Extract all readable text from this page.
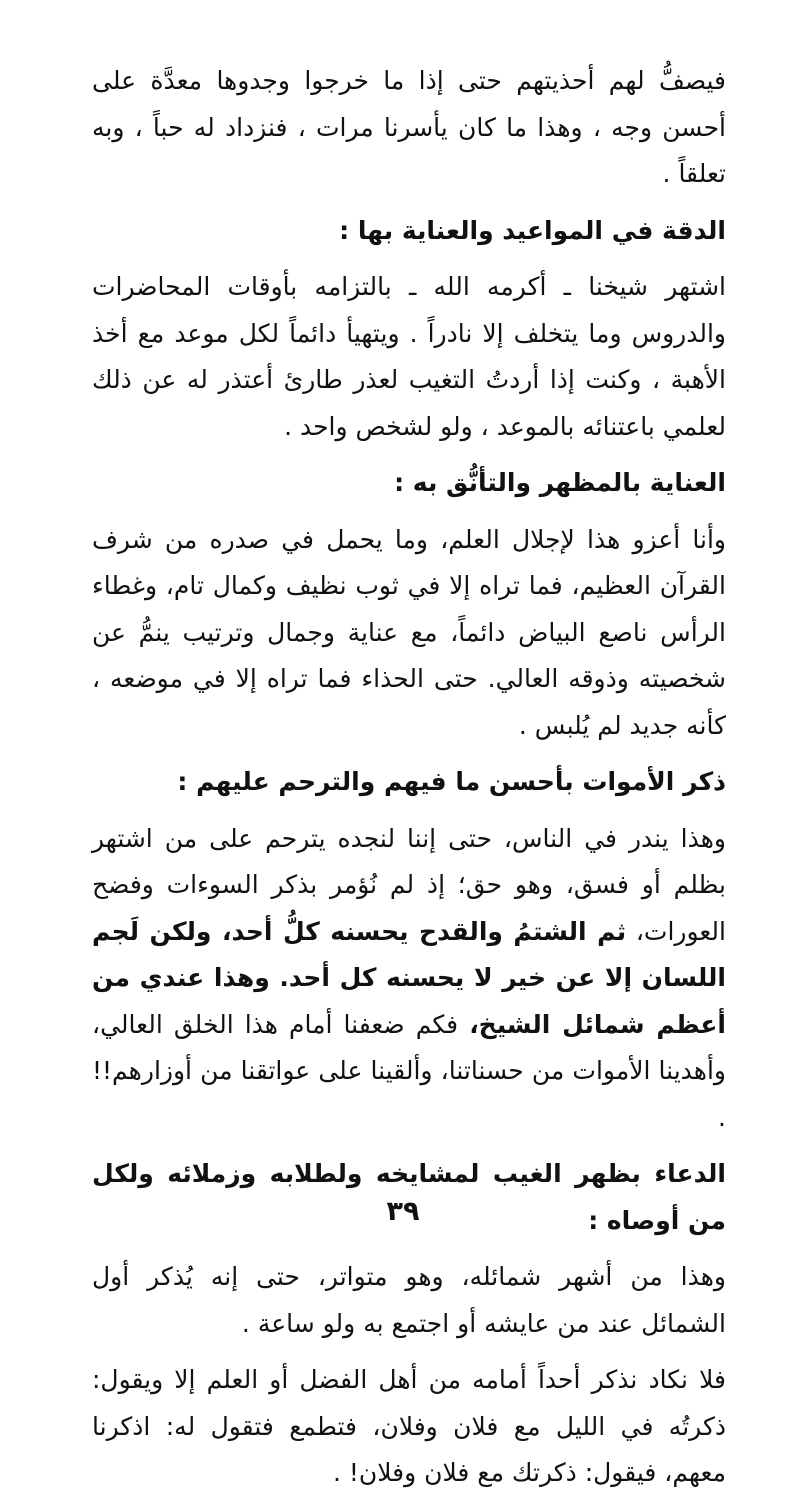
فيصفُّ لهم أحذيتهم حتى إذا ما خرجوا وجدوها معدَّة على أحسن وجه ، وهذا ما كان يأسرنا مرات ، فنزداد له حباً ، وبه تعلقاً .

الدقة في المواعيد والعناية بها :

اشتهر شيخنا ـ أكرمه الله ـ بالتزامه بأوقات المحاضرات والدروس وما يتخلف إلا نادراً . ويتهيأ دائماً لكل موعد مع أخذ الأهبة ، وكنت إذا أردتُ التغيب لعذر طارئ أعتذر له عن ذلك لعلمي باعتنائه بالموعد ، ولو لشخص واحد .

العناية بالمظهر والتأنُّق به :

وأنا أعزو هذا لإجلال العلم، وما يحمل في صدره من شرف القرآن العظيم، فما تراه إلا في ثوب نظيف وكمال تام، وغطاء الرأس ناصع البياض دائماً، مع عناية وجمال وترتيب ينمُّ عن شخصيته وذوقه العالي. حتى الحذاء فما تراه إلا في موضعه ، كأنه جديد لم يُلبس .

ذكر الأموات بأحسن ما فيهم والترحم عليهم :

وهذا يندر في الناس، حتى إننا لنجده يترحم على من اشتهر بظلم أو فسق، وهو حق؛ إذ لم نُؤمر بذكر السوءات وفضح العورات، ثم الشتمُ والقدح يحسنه كلُّ أحد، ولكن لَجم اللسان إلا عن خير لا يحسنه كل أحد. وهذا عندي من أعظم شمائل الشيخ، فكم ضعفنا أمام هذا الخلق العالي، وأهدينا الأموات من حسناتنا، وألقينا على عواتقنا من أوزارهم!! .

الدعاء بظهر الغيب لمشايخه ولطلابه وزملائه ولكل من أوصاه :

وهذا من أشهر شمائله، وهو متواتر، حتى إنه يُذكر أول الشمائل عند من عايشه أو اجتمع به ولو ساعة .

فلا نكاد نذكر أحداً أمامه من أهل الفضل أو العلم إلا ويقول: ذكرتُه في الليل مع فلان وفلان، فتطمع فتقول له: اذكرنا معهم، فيقول: ذكرتك مع فلان وفلان! .

٣٩
